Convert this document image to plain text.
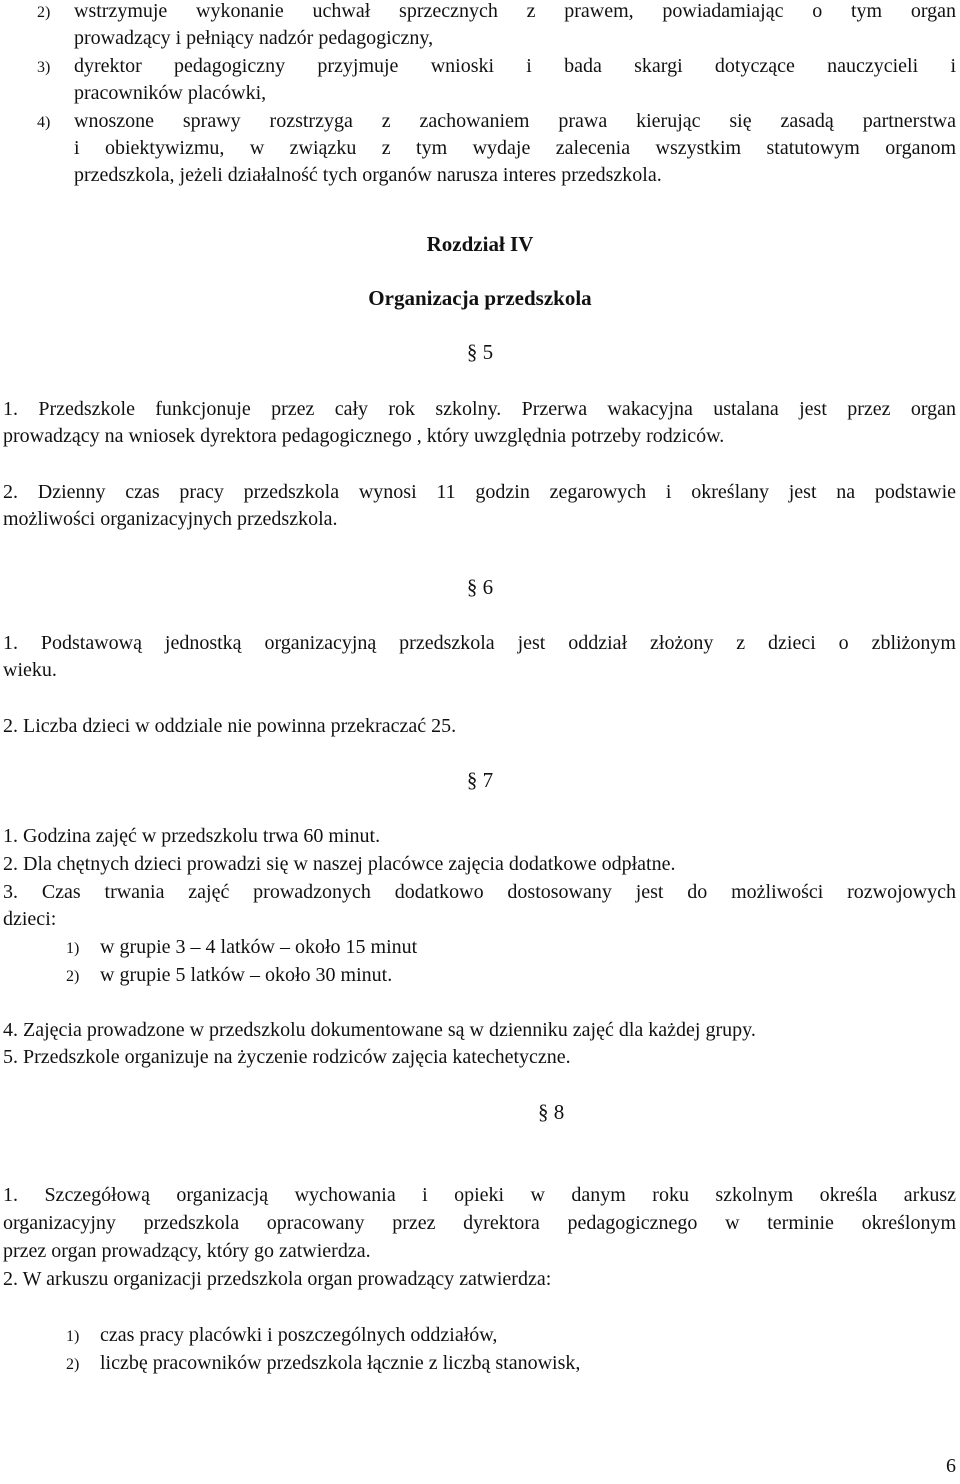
2)	wstrzymuje wykonanie uchwał sprzecznych z prawem, powiadamiając o tym organ
prowadzący i pełniący nadzór pedagogiczny,
3)	dyrektor pedagogiczny przyjmuje wnioski i bada skargi dotyczące nauczycieli i
pracowników placówki,
4)	wnoszone sprawy rozstrzyga z zachowaniem prawa kierując się zasadą partnerstwa
i obiektywizmu, w związku z tym wydaje zalecenia wszystkim statutowym organom
przedszkola, jeżeli działalność tych organów narusza interes przedszkola.
Rozdział IV
Organizacja przedszkola
§ 5
1. Przedszkole funkcjonuje przez cały rok szkolny. Przerwa wakacyjna ustalana jest przez organ
prowadzący na wniosek dyrektora pedagogicznego , który uwzględnia potrzeby rodziców.
2. Dzienny czas pracy przedszkola wynosi 11 godzin zegarowych i określany jest na podstawie
możliwości organizacyjnych przedszkola.
§ 6
1. Podstawową jednostką organizacyjną przedszkola jest oddział złożony z dzieci o zbliżonym
wieku.
2. Liczba dzieci w oddziale nie powinna przekraczać 25.
§ 7
1. Godzina zajęć w przedszkolu trwa 60 minut.
2. Dla chętnych dzieci prowadzi się w naszej placówce zajęcia dodatkowe odpłatne.
3. Czas trwania zajęć prowadzonych dodatkowo dostosowany jest do możliwości rozwojowych
dzieci:
1)	w grupie 3 – 4 latków – około 15 minut
2)	w grupie 5 latków – około 30 minut.
4. Zajęcia prowadzone w przedszkolu dokumentowane są w dzienniku zajęć dla każdej grupy.
5. Przedszkole organizuje na życzenie rodziców zajęcia katechetyczne.
§ 8
1. Szczegółową organizacją wychowania i opieki w danym roku szkolnym określa arkusz
organizacyjny przedszkola opracowany przez dyrektora pedagogicznego w terminie określonym
przez organ prowadzący, który go zatwierdza.
2. W arkuszu organizacji przedszkola organ prowadzący zatwierdza:
1)	czas pracy placówki i poszczególnych oddziałów,
2)	liczbę pracowników przedszkola łącznie z liczbą stanowisk,
6
